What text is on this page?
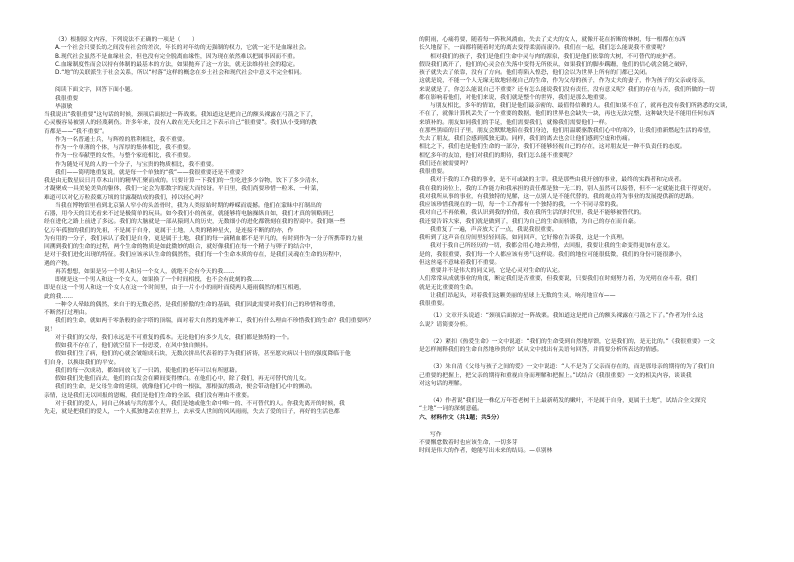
（3）根据原文内容，下列说法不正确的一项是（　　）
A.一个社会只要长幼之间没有社会的差次，年长的对年幼的无强制的权力，它就一定不是血缘社会。
B.现代社会虽然不是血缘社会，但也没有完全脱离血缘性，因为现在依然难以把属事因而不重。
C.血缘制度性而会以持有体制的最基本的方法，如果抛弃了这一方法，就无法维持社会的稳定。
D.“地”的关联派生于社会关系，所以“村落”这样的概念在乡土社会和现代社会中意义不完全相同。
阅读下面文字，回答下面小题。
我很重要
毕淑敏
当我说出“我很重要”这句话的时候，颈项后面掠过一阵战栗。我知道这是把自己的额头裸露在弓箭之下了，
心灵极容易被别人的轻蔑刺伤。许多年来，没有人敢在光天化日之下表示自己“很重要”。我们从小受到的教
育都是——“我不重要”。
作为一名普通士兵，与辉煌的胜利相比，我不重要。
作为一个单薄的个体，与浑厚的集体相比，我不重要。
作为一位奉献型的女性，与整个家庭相比，我不重要。
作为随处可见的人的一个分子，与宝贵的物质相比，我不重要。
我们——简明地重复说，就是每一个单独的“我”——我很重要还是不重要？
我是由无数星辰日月草木山川的精华汇聚而成的。只要计算一下我们的一生吃进多少谷物，饮下了多少清水，
才凝聚成一具美轮美奂的躯体，我们一定会为那数字的庞大而惊讶。平日里，我们尚要珍惜一粒米、一叶菜，
难道可以对亿万粒菽粟万顷的甘露凝结成的我们，掉以轻心吗？
当我在博物馆里看到北京猿人窄小的头盖骨时，我为人类原始时期的峥嵘而震撼。他们在蒙昧中打制出的
石器，用今天的目光看来不过是极简单的玩具。如今我们小的孩童，就能够将电脑操纵自如，我们才真的领略到已
经在进化之路上前进了多远。我们的大脑就是一部从猿到人的历史，无数细小的进化都镌刻在我的智商中。我们继一些
亿万年孤独的我们的先祖，不是属于自身，更属于土地，人类的精神星火，是连接不断的的亦，作
为有用的一分子，我们承认了我们是自身，更是属于土地，我们的每一滴精血都不是平凡的，有时到作为一分子所携带的力量
回溯到我们的生命的过程，两个生命的物质是如此微妙的组合，就好像我们在每一个精子与卵子的结合中，
是对于我们进化出现的特征。我们应该承认生命的偶然性，我们每一个生命本质的存在，是我们灵魂在生命的历程中，
遇的产物。
再苦想想，如果是另一个男人和另一个女人，就绝不会有今天的我……
即便是这一个男人和这一个女人，如果换了一个时间相授，也不会有此刻的我……
即是在这一个男人和这一个女人在这一个时间里，由于一片小小的雨叶而使两人避雨偶然的相互相遇，
此的我……
一种令人晕眩的偶然，来自于的无数必然，是我们骄傲的生命的基础，我们因此需要对我们自己的珍惜和尊重，
不断然打过理由。
我们的生命，就如两千零条般的金字塔的顶端，面对着大自然的鬼斧神工，我们有什么理由不珍惜我们的生命？我们重要吗？
说！
对于我们的父母，我们永远是不可重复的孤本。无论他们有多少儿女，我们都是独特的一个。
假如我不存在了，他们就空留下一份思爱，在风中独自颤抖。
假如我们生了病，他们的心就会皱缩成石块，无数次拼出代表着的手为我们祈祷，甚至愿灾病以十倍的强度降临于他
们自身，以换取我们的平安。
我们的每一次成功，都如同放飞了一只鸽，使他们的老年可以有所慰藉。
假如我们先他们而去，他们的白发会在瞬间变得惨白。在他们心中，除了我们，再无可替代的儿女。
我们的生命，是父母生命的延续，就像他们心中的一根弦，那根弦的拨动，便会带动他们心中的颤动。
亲情，这是我们无以回报的恩赐，我们是他们生命的全部，我们没有理由不重要。
对于我们的爱人，同自己休戚与共的那个人，我们是她或他生命中唯一的、不可替代的人。你我先离开的时候，我
先走，就是把我们的爱人，一个人孤独地丢在世界上，去承受人世间的风风雨雨，失去了爱的日子，再好的生活也都
的阴雨，心痛将要，随着每一阵秋风淌血，失去了丈夫的女人，就像开花在折断的林树，每一根都在东西
长久地留下，一面都将随着时光的离去变得柔弱而凄冷。我们在一起，我们怎么能说我不重要呢？
相对我们的孩子，我们是他们生命中灵与肉的源泉，我们是他们依靠的大树，不可替代的庇护者。
假设我们离开了，他们的心灵会在失落中变得无所依从，如果我们的脚步蹒跚，他们的信心就会随之破碎，
孩子就失去了依靠，没有了方向。他们将陷入惶恐，他们会以为世界上所有的门都已关闭。
这就是说，不能一个人无缘无故地轻视自己的生命，作为父母的孩子，作为丈夫的妻子，作为孩子的父亲或母亲，
来说就是了，你怎么能说自己不重要？还有怎么能说我们没有责任，没有意义呢？我们的存在与否，我们所做的一切
都在影响着他们，对他们来说，我们就是整个的世界，我们是那么地重要。
与朋友相比，多年的情谊，我们是他们最亲密的、最值得信赖的人。我们如果不在了，就再也没有我们所熟悉的交谈，
不在了，就像计算机丢失了一个重要的数据，他们的世界也会缺失一块，再也无法完整，这种缺失是不能用任何东西
来填补的。朋友如同我们的手足，他们需要我们，就像我们需要他们一样。
在那些黑暗的日子里，朋友会默默地陪在我们身边，他们用温暖驱散我们心中的寒冷，让我们重新燃起生活的希望，
失去了朋友，我们会感到孤独无助。同样，我们的离去也会让他们感到空虚和伤痛。
相比之下，我们也是他们生命的一部分，我们不能够轻视自己的存在，这对朋友是一种不负责任的态度。
相忆多年的友谊，他们对我们的期待，我们怎么能不重要呢？
我们还在被需要吗？
我很重要。
我对于我的工作我的事业，是不可或缺的主宰。我是那些由我开创的事业，最终的实践者和完成者。
我在我的岗位上，我的工作能力和我承担的责任都是独一无二的，别人虽然可以接替，但不一定就能比我干得更好。
我对我所从事的事业，有我独特的见解，这一点别人是不能代替的，我的观点将为事业的发展提供新的思路。
我应该珍惜我现在的一切，每一个工作都有一个独特的我，一个不同寻常的我。
我对自己不再依赖，我认识到我的价值，我在我所生活的时代里，我是不能够被替代的。
我还要告诉大家，我们就是做到了，我们为自己的生命而骄傲，为自己的存在而自豪。
我重复了一遍，声音放大了一点，我说我很重要。
我听到了这声音在房间里轻轻回荡，如同回声，它好像在告诉我，这是一个真理。
我对于我自己所经历的一切，我都会用心地去珍惜，去回报，我要让我的生命变得更加有意义。
是的，我很重要，我们每一个人都应该有勇气这样说。我们的地位可能很低微，我们的身份可能很渺小，
但这丝毫不意味着我们不重要。
重要并不是伟大的同义词，它是心灵对生命的认定。
人们常常从成就事业的角度，断定我们是否重要，但我要说，只要我们在时刻努力着，为光明在奋斗着，我们
就是无比重要的生命。
让我们昂起头，对着我们这颗美丽的星球上无数的生灵，响亮地宣布——
我很重要。
（1）文章开头说道：“颈项后面掠过一阵战栗。我知道这是把自己的额头裸露在弓箭之下了。”作者为什么这
么说？请简要分析。
（2）紧扣《热爱生命》一文中说道：“我们的生命受到自然地厚馈，它是我们的，是无比的。”《我很重要》一文
是怎样阐释我们的生命自然地珍贵的？试从文中找出有关语句回答，并简要分析所表达的情感。
（3）朱自清《父母与孩子之间的爱》一文中说道：“人不是为了父亲而存在的，而是那母亲的期待的为了我们自
己重要的把握上，把父亲的期待和重视自身而理解和把握上。”试结合《我很重要》一文的相关内容，谈谈我
对这句话的理解。
（4）作者说“我们是一株亿万年苍老树干上最新萌发的嫩叶，不是属于自身，更属于土地”，试结合全文探究
“土地”一词的深刻意蕴。
六、材料作文（共1题；共5分）
写作
不要懈怠数着时也应该生命，一切多芽
时间是伟大的作者，她能写出未来的结局。—卓别林
